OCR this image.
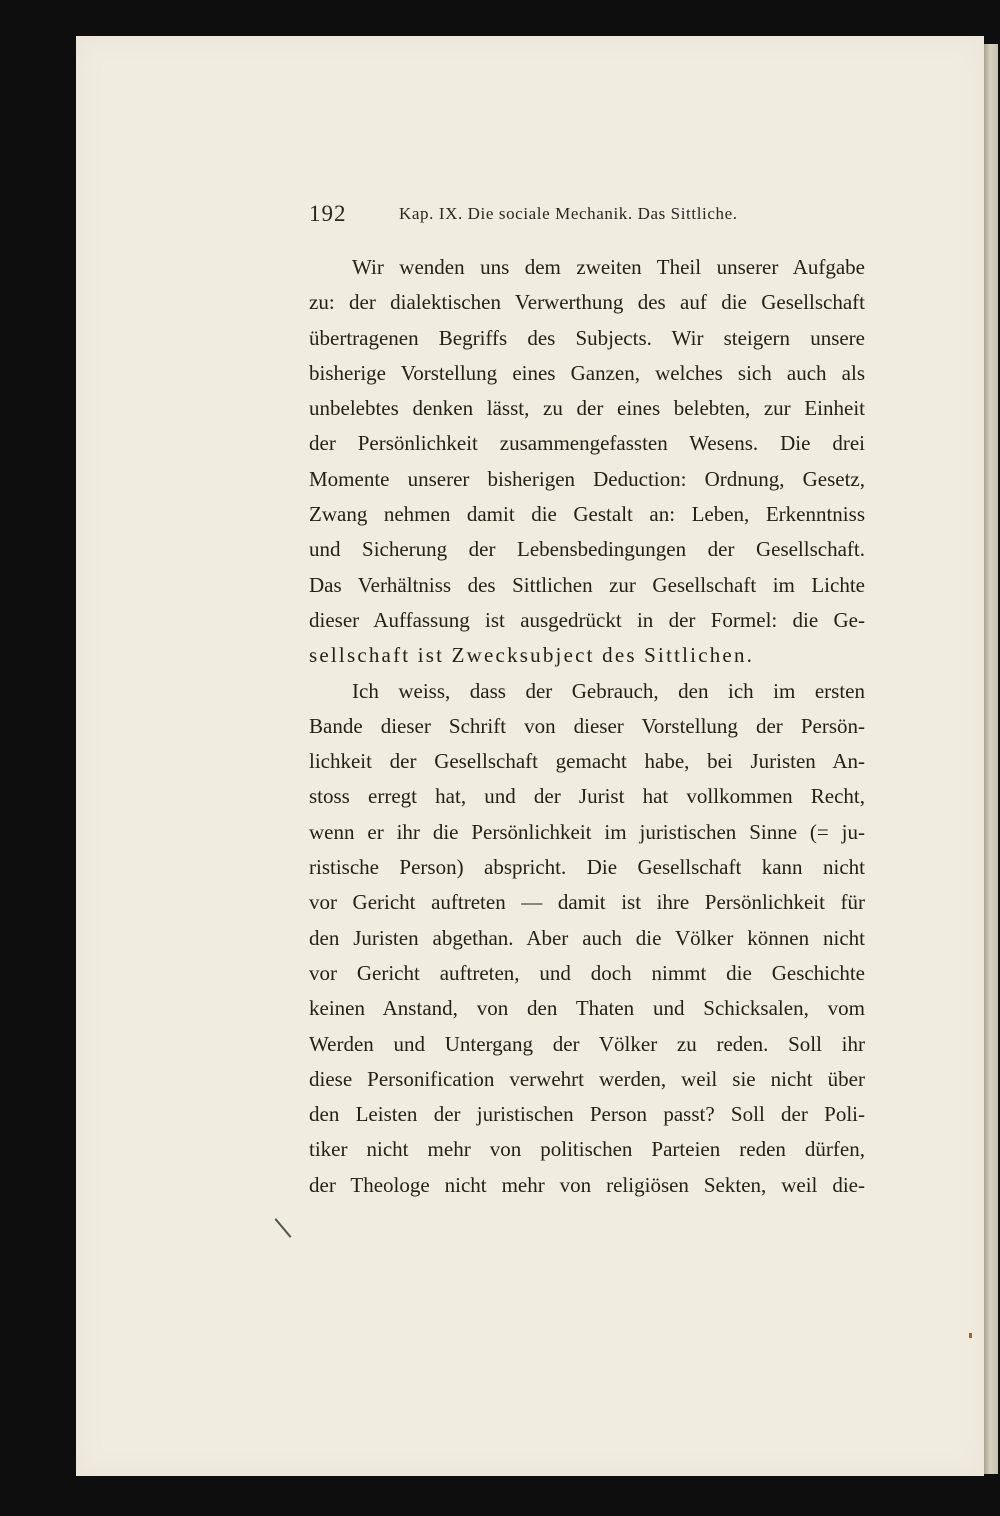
192	Kap. IX. Die sociale Mechanik. Das Sittliche.
Wir wenden uns dem zweiten Theil unserer Aufgabe
zu: der dialektischen Verwerthung des auf die Gesellschaft
übertragenen Begriffs des Subjects. Wir steigern unsere
bisherige Vorstellung eines Ganzen, welches sich auch als
unbelebtes denken lässt, zu der eines belebten, zur Einheit
der Persönlichkeit zusammengefassten Wesens. Die drei
Momente unserer bisherigen Deduction: Ordnung, Gesetz,
Zwang nehmen damit die Gestalt an: Leben, Erkenntniss
und Sicherung der Lebensbedingungen der Gesellschaft.
Das Verhältniss des Sittlichen zur Gesellschaft im Lichte
dieser Auffassung ist ausgedrückt in der Formel: die Ge-
sellschaft ist Zwecksubject des Sittlichen.
Ich weiss, dass der Gebrauch, den ich im ersten
Bande dieser Schrift von dieser Vorstellung der Persön-
lichkeit der Gesellschaft gemacht habe, bei Juristen An-
stoss erregt hat, und der Jurist hat vollkommen Recht,
wenn er ihr die Persönlichkeit im juristischen Sinne (= ju-
ristische Person) abspricht. Die Gesellschaft kann nicht
vor Gericht auftreten — damit ist ihre Persönlichkeit für
den Juristen abgethan. Aber auch die Völker können nicht
vor Gericht auftreten, und doch nimmt die Geschichte
keinen Anstand, von den Thaten und Schicksalen, vom
Werden und Untergang der Völker zu reden. Soll ihr
diese Personification verwehrt werden, weil sie nicht über
den Leisten der juristischen Person passt? Soll der Poli-
tiker nicht mehr von politischen Parteien reden dürfen,
der Theologe nicht mehr von religiösen Sekten, weil die-
